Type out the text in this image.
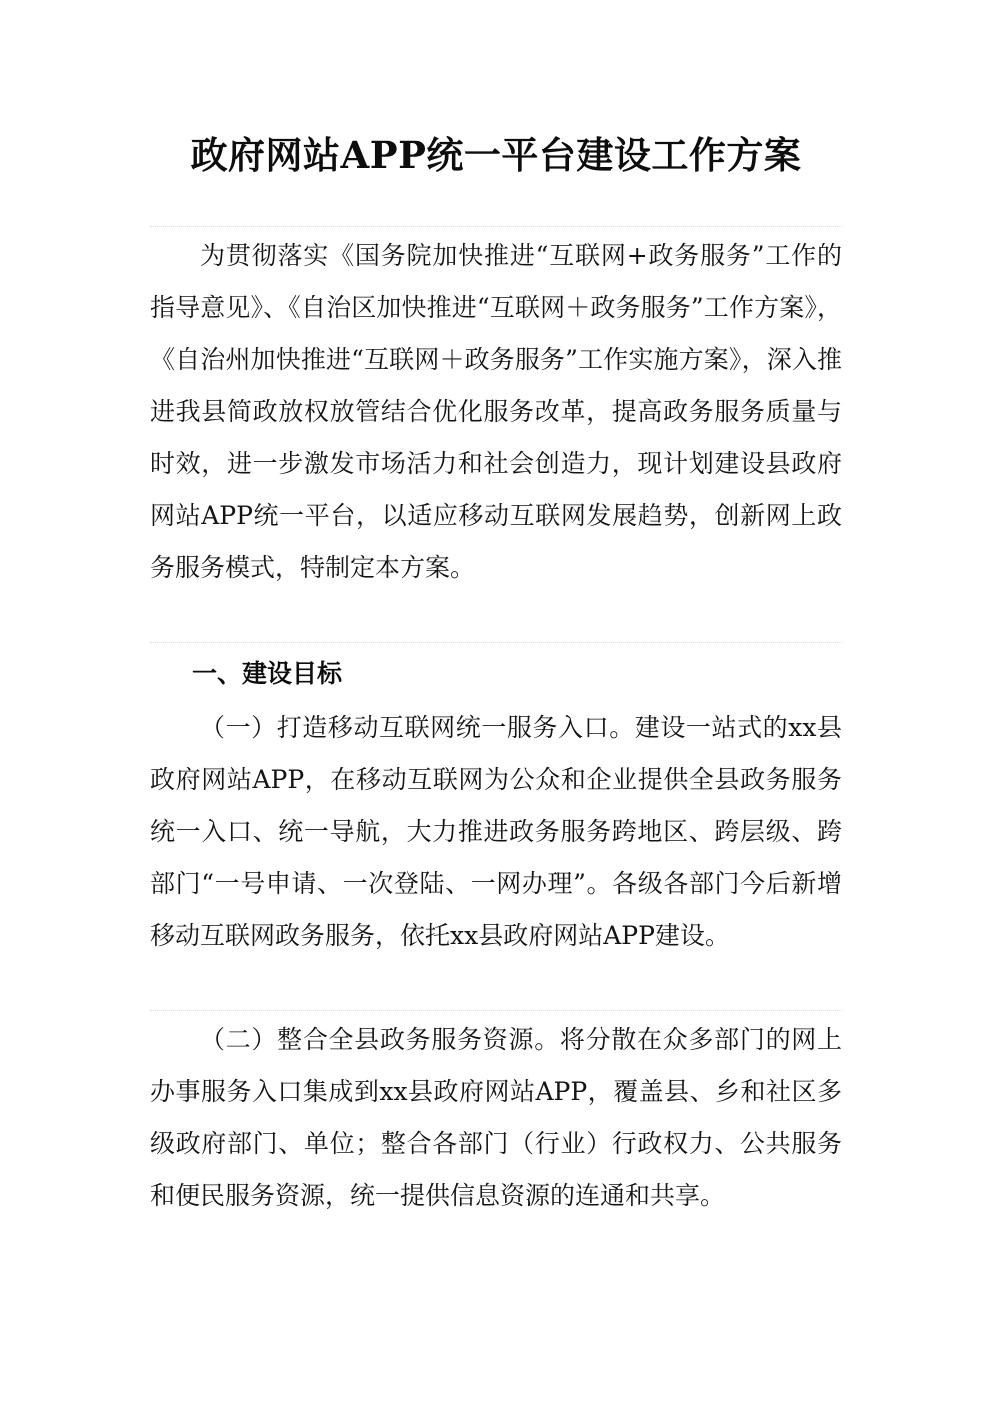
政府网站APP统一平台建设工作方案

为贯彻落实《国务院加快推进“互联网+政务服务”工作的指导意见》、《自治区加快推进“互联网＋政务服务”工作方案》，《自治州加快推进“互联网＋政务服务”工作实施方案》，深入推进我县简政放权放管结合优化服务改革，提高政务服务质量与时效，进一步激发市场活力和社会创造力，现计划建设县政府网站APP统一平台，以适应移动互联网发展趋势，创新网上政务服务模式，特制定本方案。

一、建设目标

（一）打造移动互联网统一服务入口。建设一站式的xx县政府网站APP，在移动互联网为公众和企业提供全县政务服务统一入口、统一导航，大力推进政务服务跨地区、跨层级、跨部门“一号申请、一次登陆、一网办理”。各级各部门今后新增移动互联网政务服务，依托xx县政府网站APP建设。

（二）整合全县政务服务资源。将分散在众多部门的网上办事服务入口集成到xx县政府网站APP，覆盖县、乡和社区多级政府部门、单位；整合各部门（行业）行政权力、公共服务和便民服务资源，统一提供信息资源的连通和共享。
